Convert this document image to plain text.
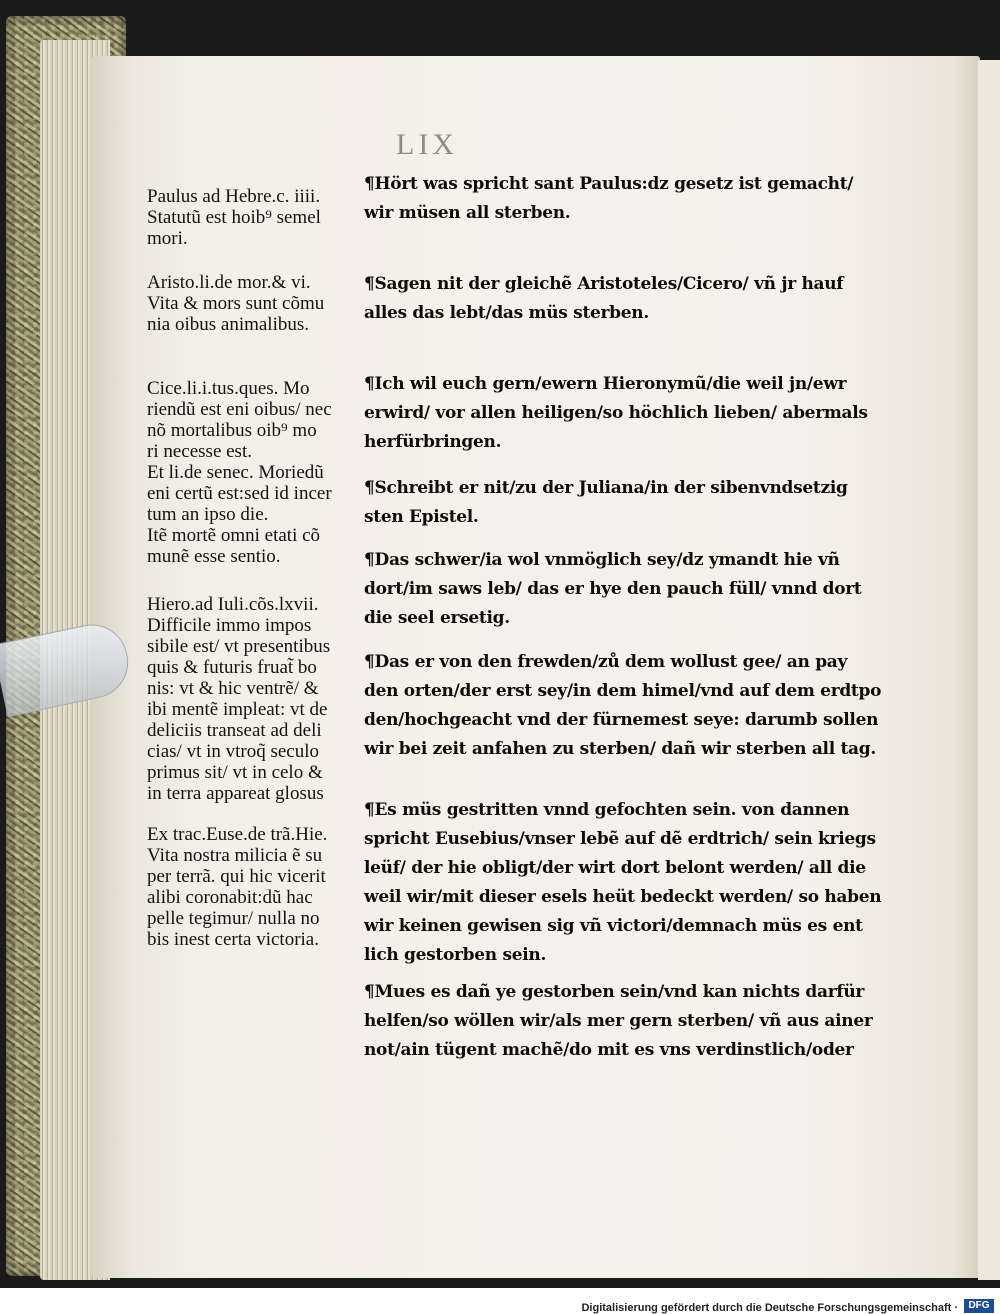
LIX
Paulus ad Hebre.c. iiii.
Statutũ est hoib⁹ semel
mori.
Aristo.li.de mor.& vi.
Vita & mors sunt cõmu
nia oibus animalibus.
Cice.li.i.tus.ques. Mo
riendũ est eni oibus/ nec
nõ mortalibus oib⁹ mo
ri necesse est.
Et li.de senec. Moriedũ
eni certũ est:sed id incer
tum an ipso die.
Itẽ mortẽ omni etati cõ
munẽ esse sentio.
Hiero.ad Iuli.cõs.lxvii.
Difficile immo impos
sibile est/ vt presentibus
quis & futuris fruat̃ bo
nis: vt & hic ventrẽ/ &
ibi mentẽ impleat: vt de
deliciis transeat ad deli
cias/ vt in vtroq̃ seculo
primus sit/ vt in celo &
in terra appareat glosus
Ex trac.Euse.de trã.Hie.
Vita nostra milicia ẽ su
per terrã. qui hic vicerit
alibi coronabit:dũ hac
pelle tegimur/ nulla no
bis inest certa victoria.
¶Hört was spricht sant Paulus:dz gesetz ist gemacht/
wir müsen all sterben.
¶Sagen nit der gleichẽ Aristoteles/Cicero/ vñ jr hauf
alles das lebt/das müs sterben.
¶Ich wil euch gern/ewern Hieronymũ/die weil jn/ewr
erwird/ vor allen heiligen/so höchlich lieben/ abermals
herfürbringen.
¶Schreibt er nit/zu der Juliana/in der sibenvndsetzig
sten Epistel.
¶Das schwer/ia wol vnmöglich sey/dz ymandt hie vñ
dort/im saws leb/ das er hye den pauch füll/ vnnd dort
die seel ersetig.
¶Das er von den frewden/zů dem wollust gee/ an pay
den orten/der erst sey/in dem himel/vnd auf dem erdtpo
den/hochgeacht vnd der fürnemest seye: darumb sollen
wir bei zeit anfahen zu sterben/ dañ wir sterben all tag.
¶Es müs gestritten vnnd gefochten sein. von dannen
spricht Eusebius/vnser lebẽ auf dẽ erdtrich/ sein kriegs
leüf/ der hie obligt/der wirt dort belont werden/ all die
weil wir/mit dieser esels heüt bedeckt werden/ so haben
wir keinen gewisen sig vñ victori/demnach müs es ent
lich gestorben sein.
¶Mues es dañ ye gestorben sein/vnd kan nichts darfür
helfen/so wöllen wir/als mer gern sterben/ vñ aus ainer
not/ain tügent machẽ/do mit es vns verdinstlich/oder
Digitalisierung gefördert durch die Deutsche Forschungsgemeinschaft ·	DFG
